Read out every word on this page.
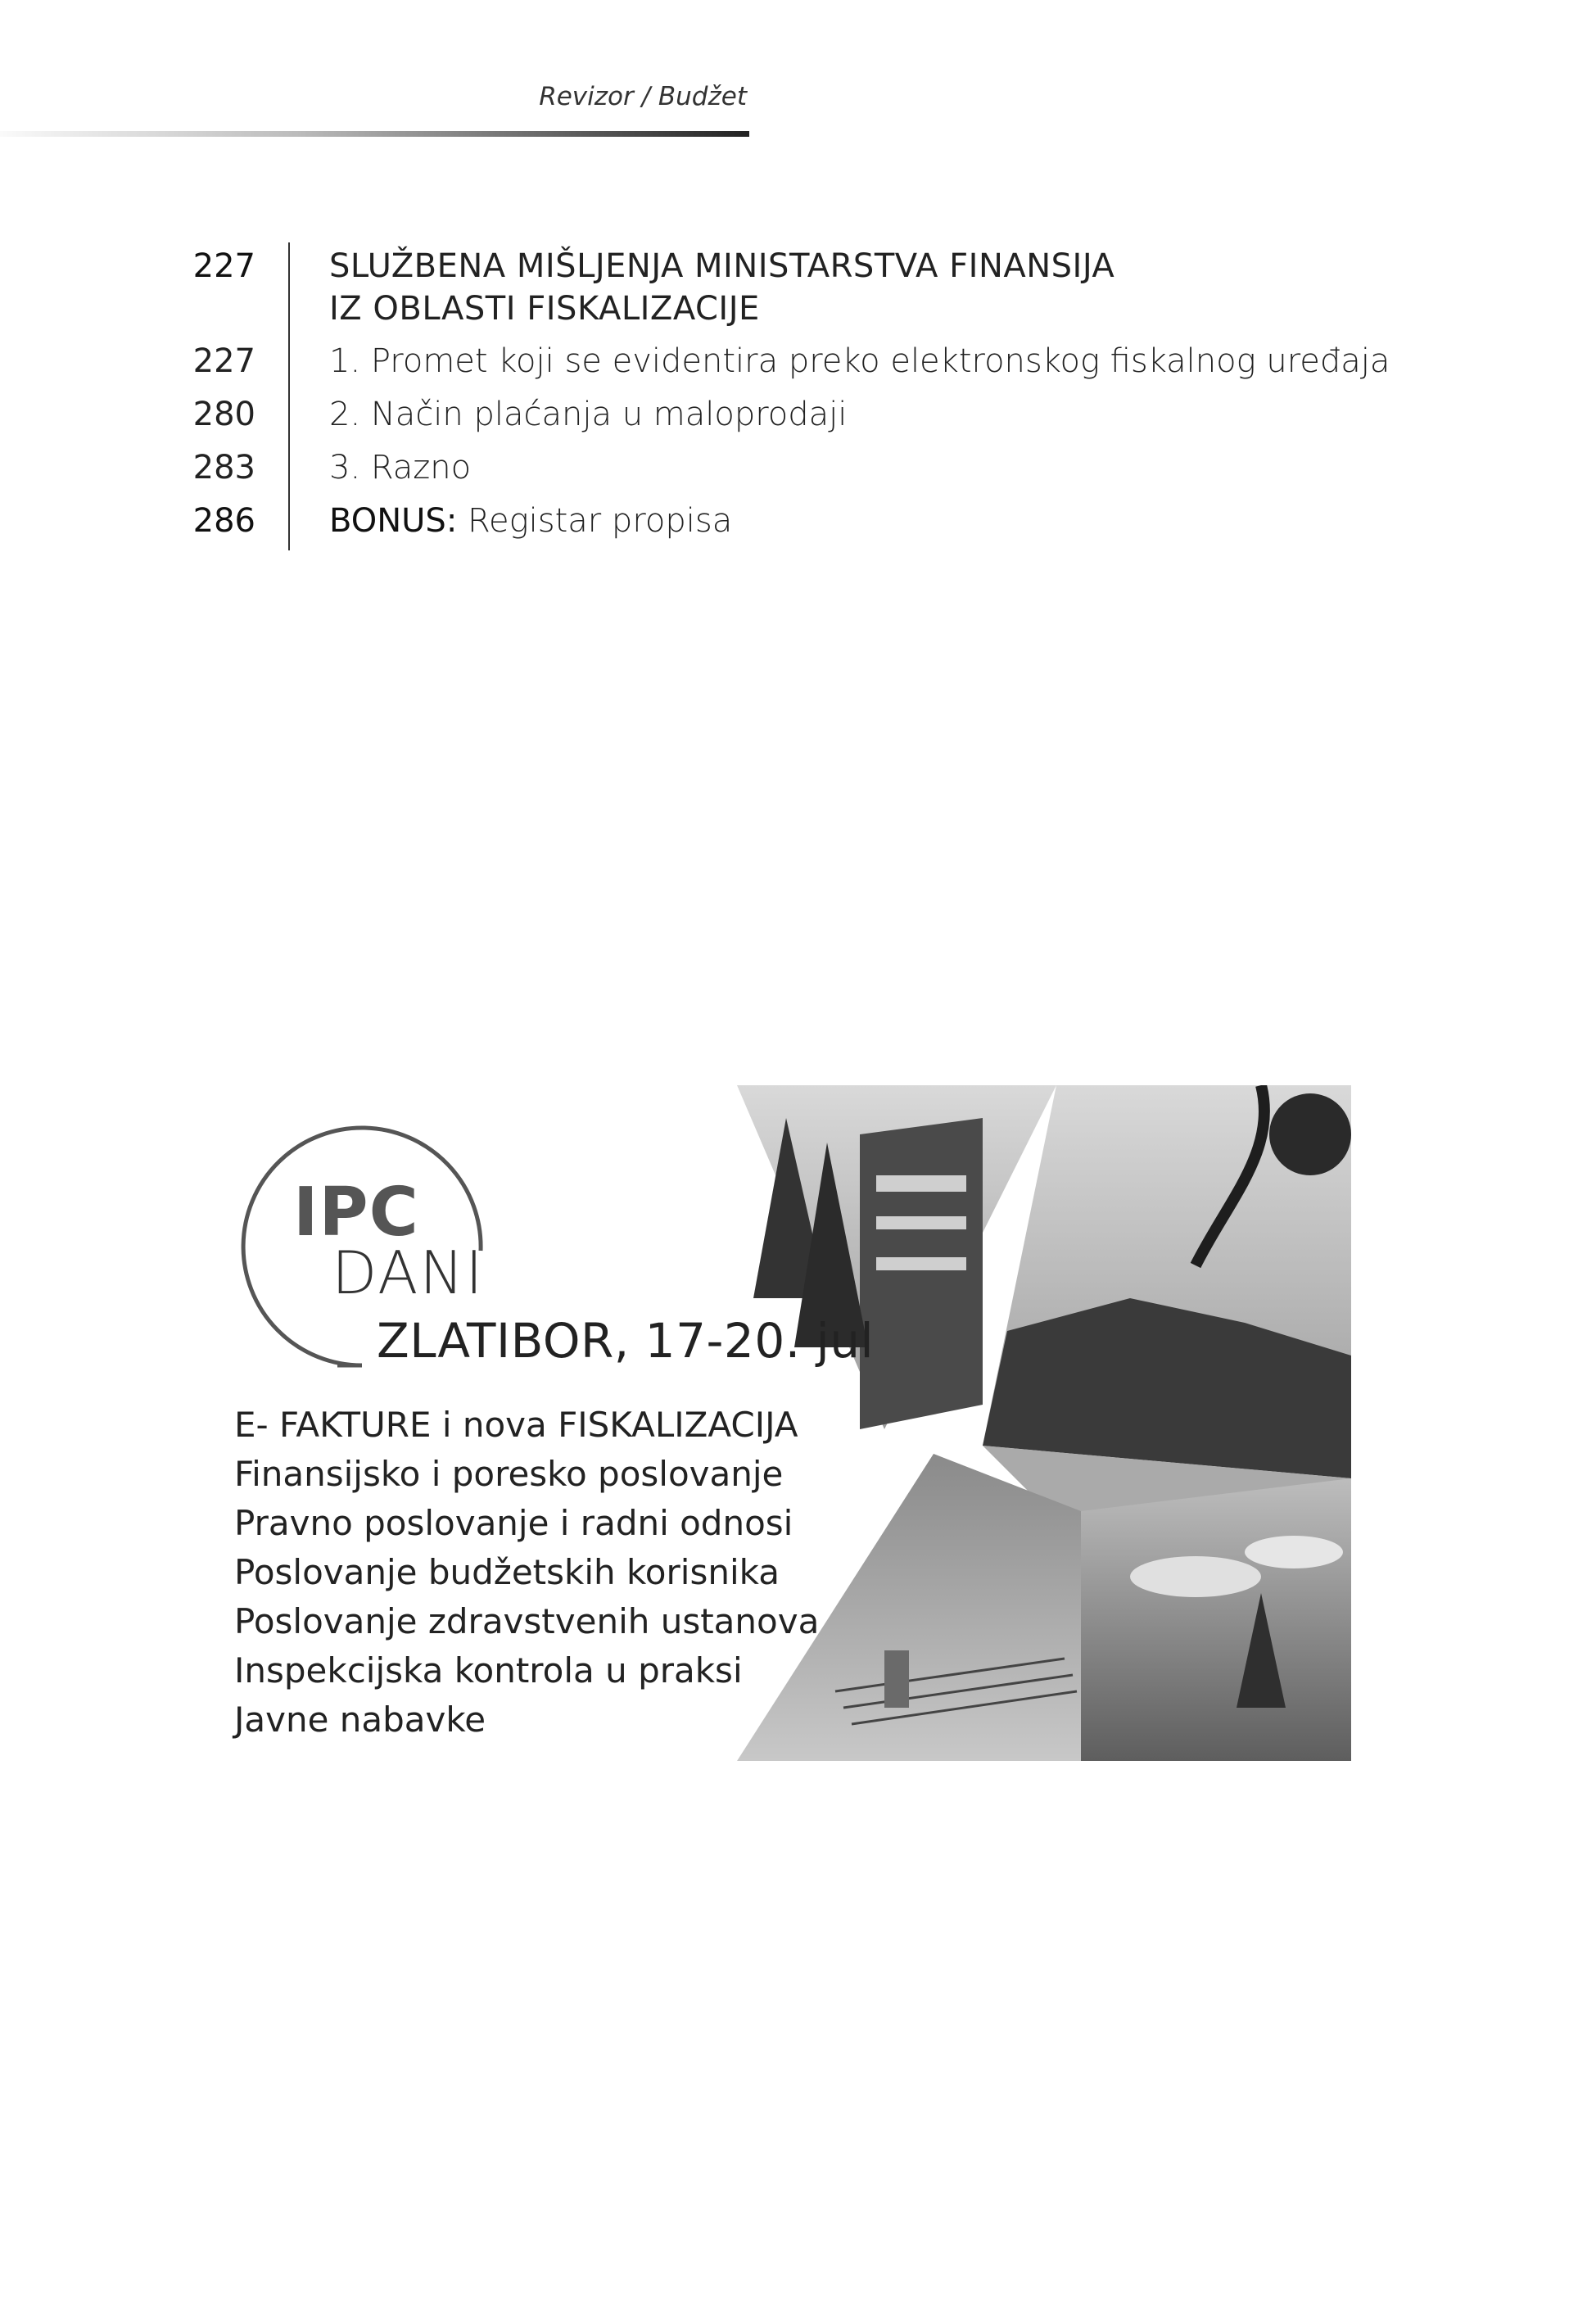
Revizor / Budžet
227 SLUŽBENA MIŠLJENJA MINISTARSTVA FINANSIJA
IZ OBLASTI FISKALIZACIJE
227 1. Promet koji se evidentira preko elektronskog fiskalnog uređaja
280 2. Način plaćanja u maloprodaji
283 3. Razno
286 BONUS: Registar propisa
IPC
DANI
ZLATIBOR, 17-20. jul
E- FAKTURE i nova FISKALIZACIJA
Finansijsko i poresko poslovanje
Pravno poslovanje i radni odnosi
Poslovanje budžetskih korisnika
Poslovanje zdravstvenih ustanova
Inspekcijska kontrola u praksi
Javne nabavke
